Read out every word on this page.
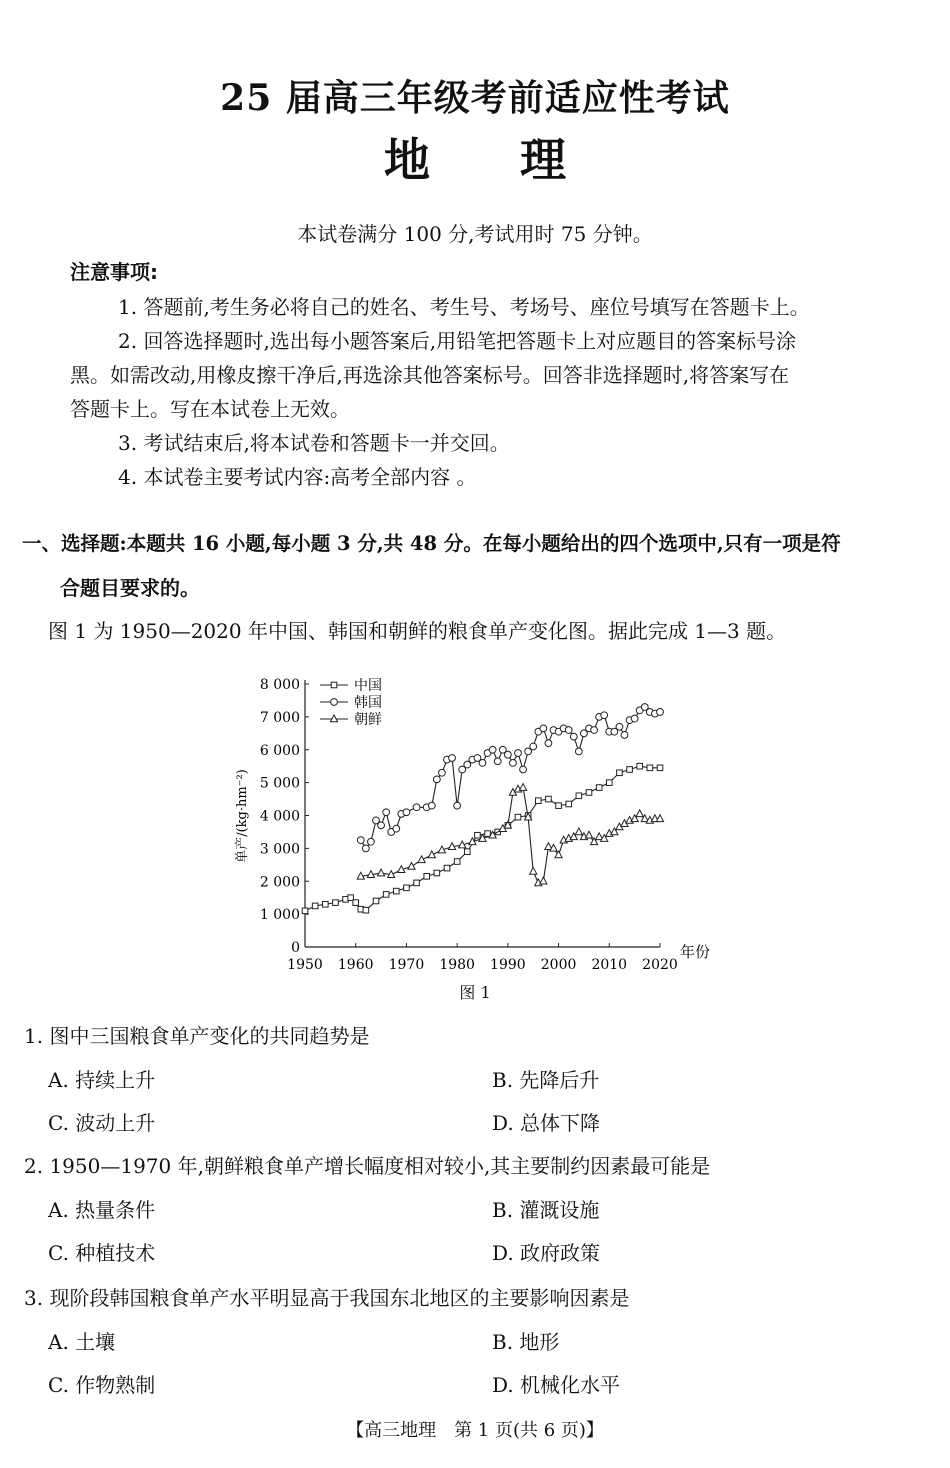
25 届高三年级考前适应性考试
地理
本试卷满分 100 分,考试用时 75 分钟。
注意事项:
1. 答题前,考生务必将自己的姓名、考生号、考场号、座位号填写在答题卡上。
2. 回答选择题时,选出每小题答案后,用铅笔把答题卡上对应题目的答案标号涂
黑。如需改动,用橡皮擦干净后,再选涂其他答案标号。回答非选择题时,将答案写在
答题卡上。写在本试卷上无效。
3. 考试结束后,将本试卷和答题卡一并交回。
4. 本试卷主要考试内容:高考全部内容 。
一、选择题:本题共 16 小题,每小题 3 分,共 48 分。在每小题给出的四个选项中,只有一项是符
合题目要求的。
图 1 为 1950—2020 年中国、韩国和朝鲜的粮食单产变化图。据此完成 1—3 题。
0
1 000
2 000
3 000
4 000
5 000
6 000
7 000
8 000
1950 1960 1970 1980 1990 2000 2010 2020
中国
韩国
朝鲜
单产/(kg·hm⁻²)
年份
图 1
1. 图中三国粮食单产变化的共同趋势是
A. 持续上升	B. 先降后升
C. 波动上升	D. 总体下降
2. 1950—1970 年,朝鲜粮食单产增长幅度相对较小,其主要制约因素最可能是
A. 热量条件	B. 灌溉设施
C. 种植技术	D. 政府政策
3. 现阶段韩国粮食单产水平明显高于我国东北地区的主要影响因素是
A. 土壤	B. 地形
C. 作物熟制	D. 机械化水平
【高三地理　第 1 页(共 6 页)】
